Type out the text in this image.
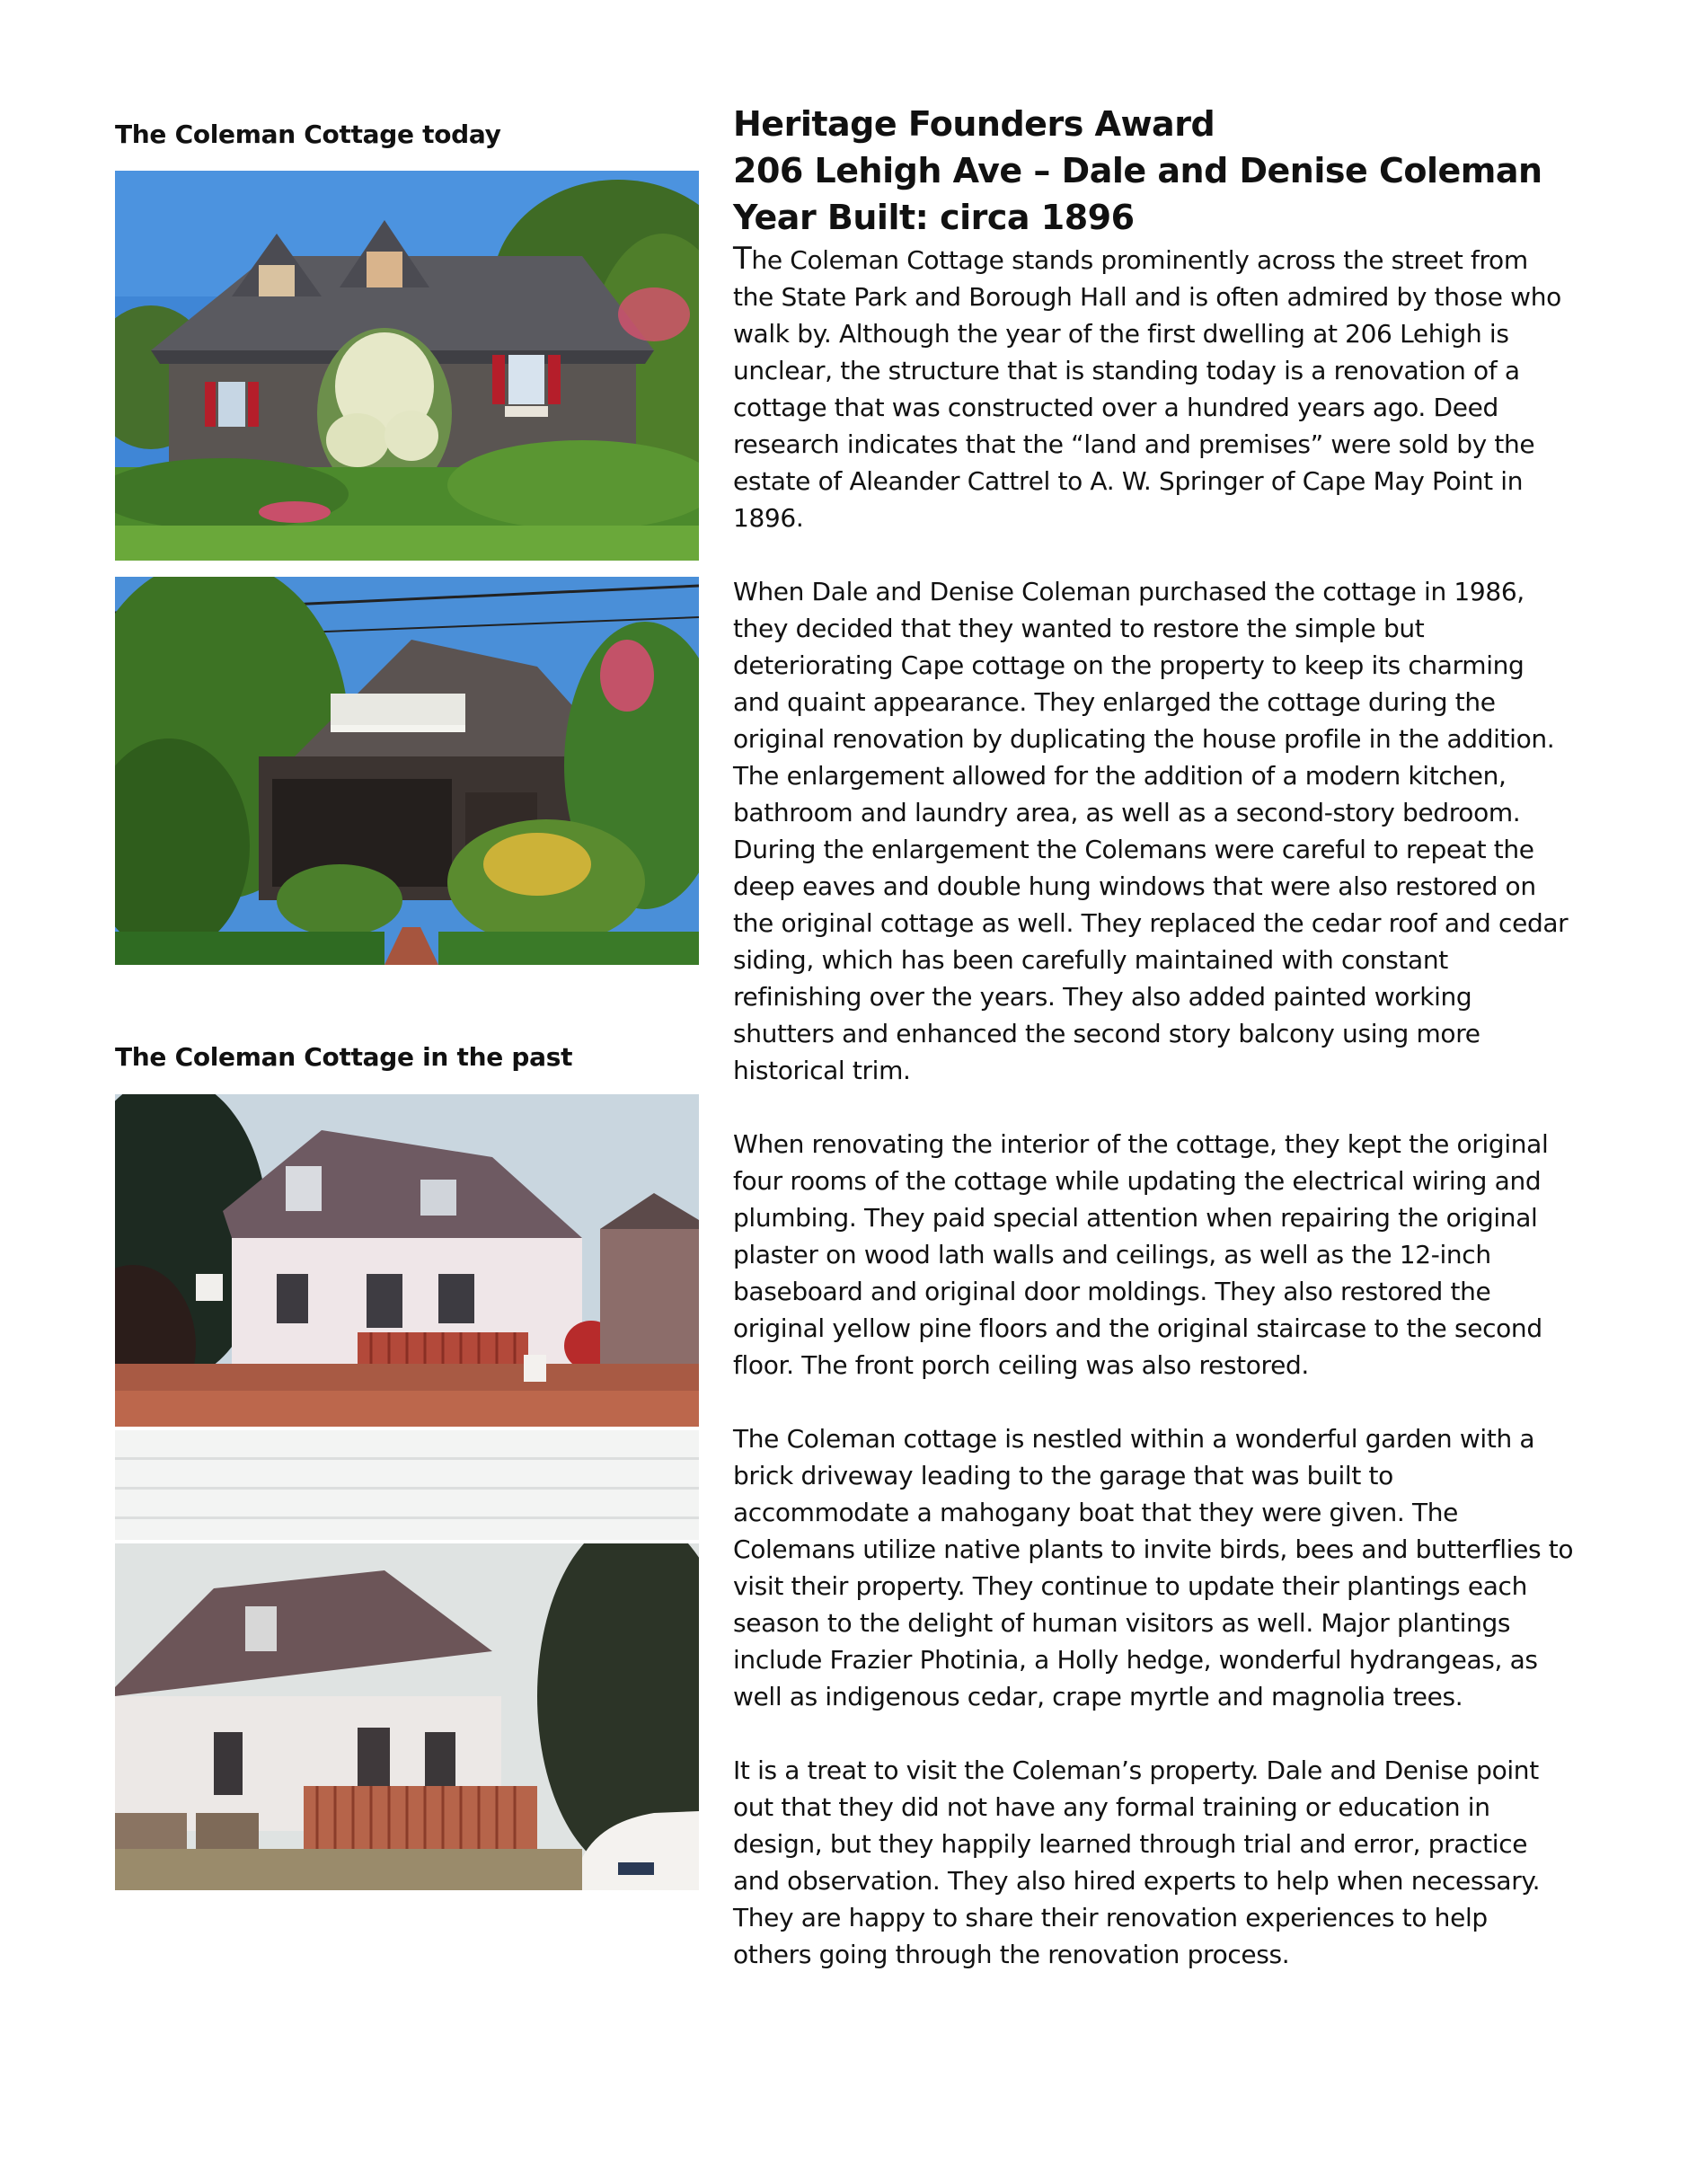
The Coleman Cottage today
The Coleman Cottage in the past
Heritage Founders Award
206 Lehigh Ave – Dale and Denise Coleman
Year Built: circa 1896

The Coleman Cottage stands prominently across the street from
the State Park and Borough Hall and is often admired by those who
walk by. Although the year of the first dwelling at 206 Lehigh is
unclear, the structure that is standing today is a renovation of a
cottage that was constructed over a hundred years ago. Deed
research indicates that the “land and premises” were sold by the
estate of Aleander Cattrel to A. W. Springer of Cape May Point in
1896.

When Dale and Denise Coleman purchased the cottage in 1986,
they decided that they wanted to restore the simple but
deteriorating Cape cottage on the property to keep its charming
and quaint appearance. They enlarged the cottage during the
original renovation by duplicating the house profile in the addition.
The enlargement allowed for the addition of a modern kitchen,
bathroom and laundry area, as well as a second-story bedroom.
During the enlargement the Colemans were careful to repeat the
deep eaves and double hung windows that were also restored on
the original cottage as well. They replaced the cedar roof and cedar
siding, which has been carefully maintained with constant
refinishing over the years. They also added painted working
shutters and enhanced the second story balcony using more
historical trim.

When renovating the interior of the cottage, they kept the original
four rooms of the cottage while updating the electrical wiring and
plumbing. They paid special attention when repairing the original
plaster on wood lath walls and ceilings, as well as the 12-inch
baseboard and original door moldings. They also restored the
original yellow pine floors and the original staircase to the second
floor. The front porch ceiling was also restored.

The Coleman cottage is nestled within a wonderful garden with a
brick driveway leading to the garage that was built to
accommodate a mahogany boat that they were given. The
Colemans utilize native plants to invite birds, bees and butterflies to
visit their property. They continue to update their plantings each
season to the delight of human visitors as well. Major plantings
include Frazier Photinia, a Holly hedge, wonderful hydrangeas, as
well as indigenous cedar, crape myrtle and magnolia trees.

It is a treat to visit the Coleman’s property. Dale and Denise point
out that they did not have any formal training or education in
design, but they happily learned through trial and error, practice
and observation. They also hired experts to help when necessary.
They are happy to share their renovation experiences to help
others going through the renovation process.
